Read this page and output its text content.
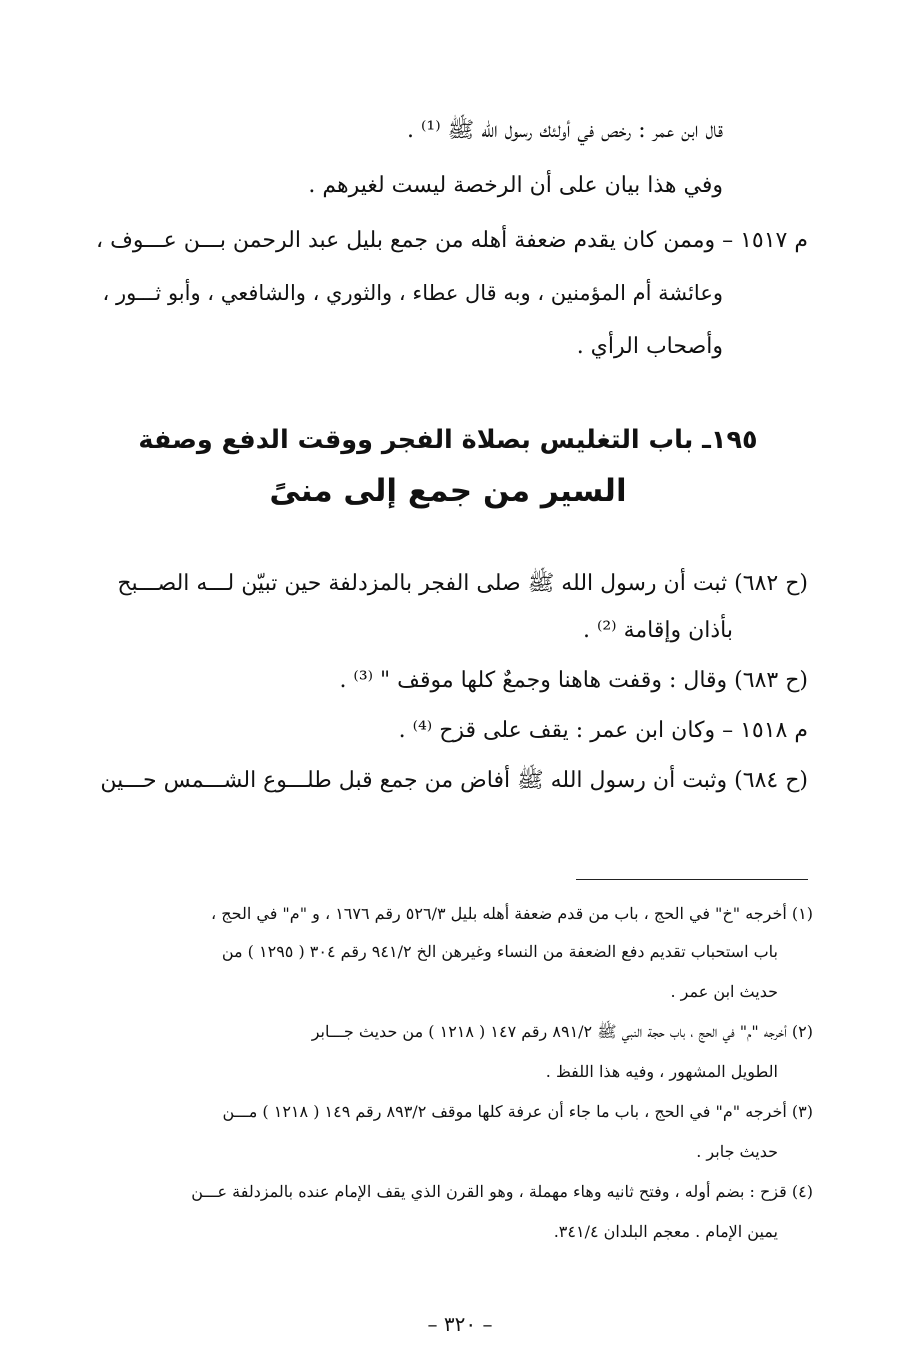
قال ابن عمر : رخص في أولئك رسول الله ﷺ ⁽¹⁾ .
وفي هذا بيان على أن الرخصة ليست لغيرهم .
م ١٥١٧ – وممن كان يقدم ضعفة أهله من جمع بليل عبد الرحمن بـــن عـــوف ،
وعائشة أم المؤمنين ، وبه قال عطاء ، والثوري ، والشافعي ، وأبو ثـــور ،
وأصحاب الرأي .
١٩٥ـ باب التغليس بصلاة الفجر ووقت الدفع وصفة
السير من جمع إلى منىً
(ح ٦٨٢) ثبت أن رسول الله ﷺ صلى الفجر بالمزدلفة حين تبيّن لـــه الصـــبح
بأذان وإقامة ⁽²⁾ .
(ح ٦٨٣) وقال : وقفت هاهنا وجمعٌ كلها موقف " ⁽³⁾ .
م ١٥١٨ – وكان ابن عمر : يقف على قزح ⁽⁴⁾ .
(ح ٦٨٤) وثبت أن رسول الله ﷺ أفاض من جمع قبل طلـــوع الشـــمس حـــين
(١) أخرجه "خ" في الحج ، باب من قدم ضعفة أهله بليل ٥٢٦/٣ رقم ١٦٧٦ ، و "م" في الحج ،
باب استحباب تقديم دفع الضعفة من النساء وغيرهن الخ ٩٤١/٢ رقم ٣٠٤ ( ١٢٩٥ ) من
حديث ابن عمر .
(٢) أخرجه "م" في الحج ، باب حجة النبي ﷺ ٨٩١/٢ رقم ١٤٧ ( ١٢١٨ ) من حديث جـــابر
الطويل المشهور ، وفيه هذا اللفظ .
(٣) أخرجه "م" في الحج ، باب ما جاء أن عرفة كلها موقف ٨٩٣/٢ رقم ١٤٩ ( ١٢١٨ ) مـــن
حديث جابر .
(٤) قزح : بضم أوله ، وفتح ثانيه وهاء مهملة ، وهو القرن الذي يقف الإمام عنده بالمزدلفة عـــن
يمين الإمام . معجم البلدان ٣٤١/٤.
– ٣٢٠ –
